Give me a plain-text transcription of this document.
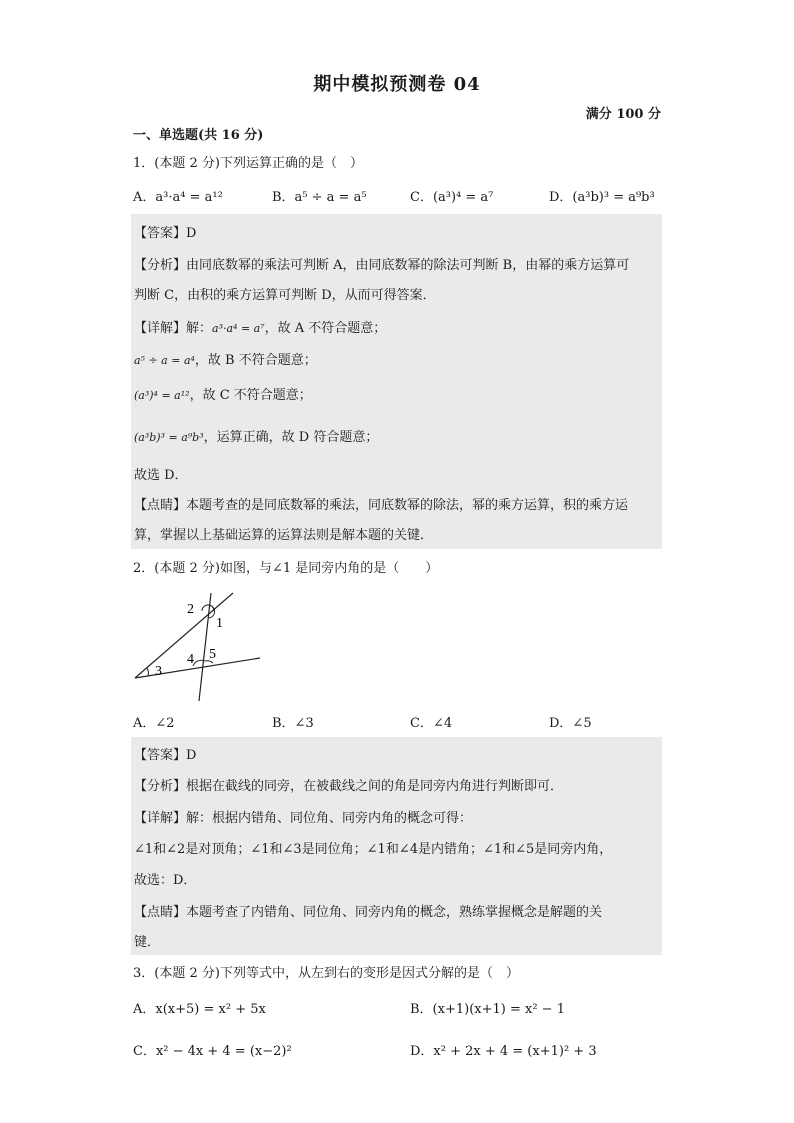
期中模拟预测卷 04
满分 100 分
一、单选题(共 16 分)
1．(本题 2 分)下列运算正确的是（　）
A．a³·a⁴ = a¹²	B．a⁵ ÷ a = a⁵	C．(a³)⁴ = a⁷	D．(a³b)³ = a⁹b³
【答案】D
【分析】由同底数幂的乘法可判断 A，由同底数幂的除法可判断 B，由幂的乘方运算可
判断 C，由积的乘方运算可判断 D，从而可得答案．
【详解】解：a³·a⁴ = a⁷，故 A 不符合题意；
a⁵ ÷ a = a⁴，故 B 不符合题意；
(a³)⁴ = a¹²，故 C 不符合题意；
(a³b)³ = a⁹b³，运算正确，故 D 符合题意；
故选 D．
【点睛】本题考查的是同底数幂的乘法，同底数幂的除法，幂的乘方运算，积的乘方运
算，掌握以上基础运算的运算法则是解本题的关键．
2．(本题 2 分)如图，与∠1 是同旁内角的是（　　）
1
2
3
4 5
A．∠2	B．∠3	C．∠4	D．∠5
【答案】D
【分析】根据在截线的同旁，在被截线之间的角是同旁内角进行判断即可．
【详解】解：根据内错角、同位角、同旁内角的概念可得：
∠1和∠2是对顶角；∠1和∠3是同位角；∠1和∠4是内错角；∠1和∠5是同旁内角，
故选：D．
【点睛】本题考查了内错角、同位角、同旁内角的概念，熟练掌握概念是解题的关
键．
3．(本题 2 分)下列等式中，从左到右的变形是因式分解的是（　）
A．x(x+5) = x² + 5x	B．(x+1)(x+1) = x² − 1
C．x² − 4x + 4 = (x−2)²	D．x² + 2x + 4 = (x+1)² + 3
